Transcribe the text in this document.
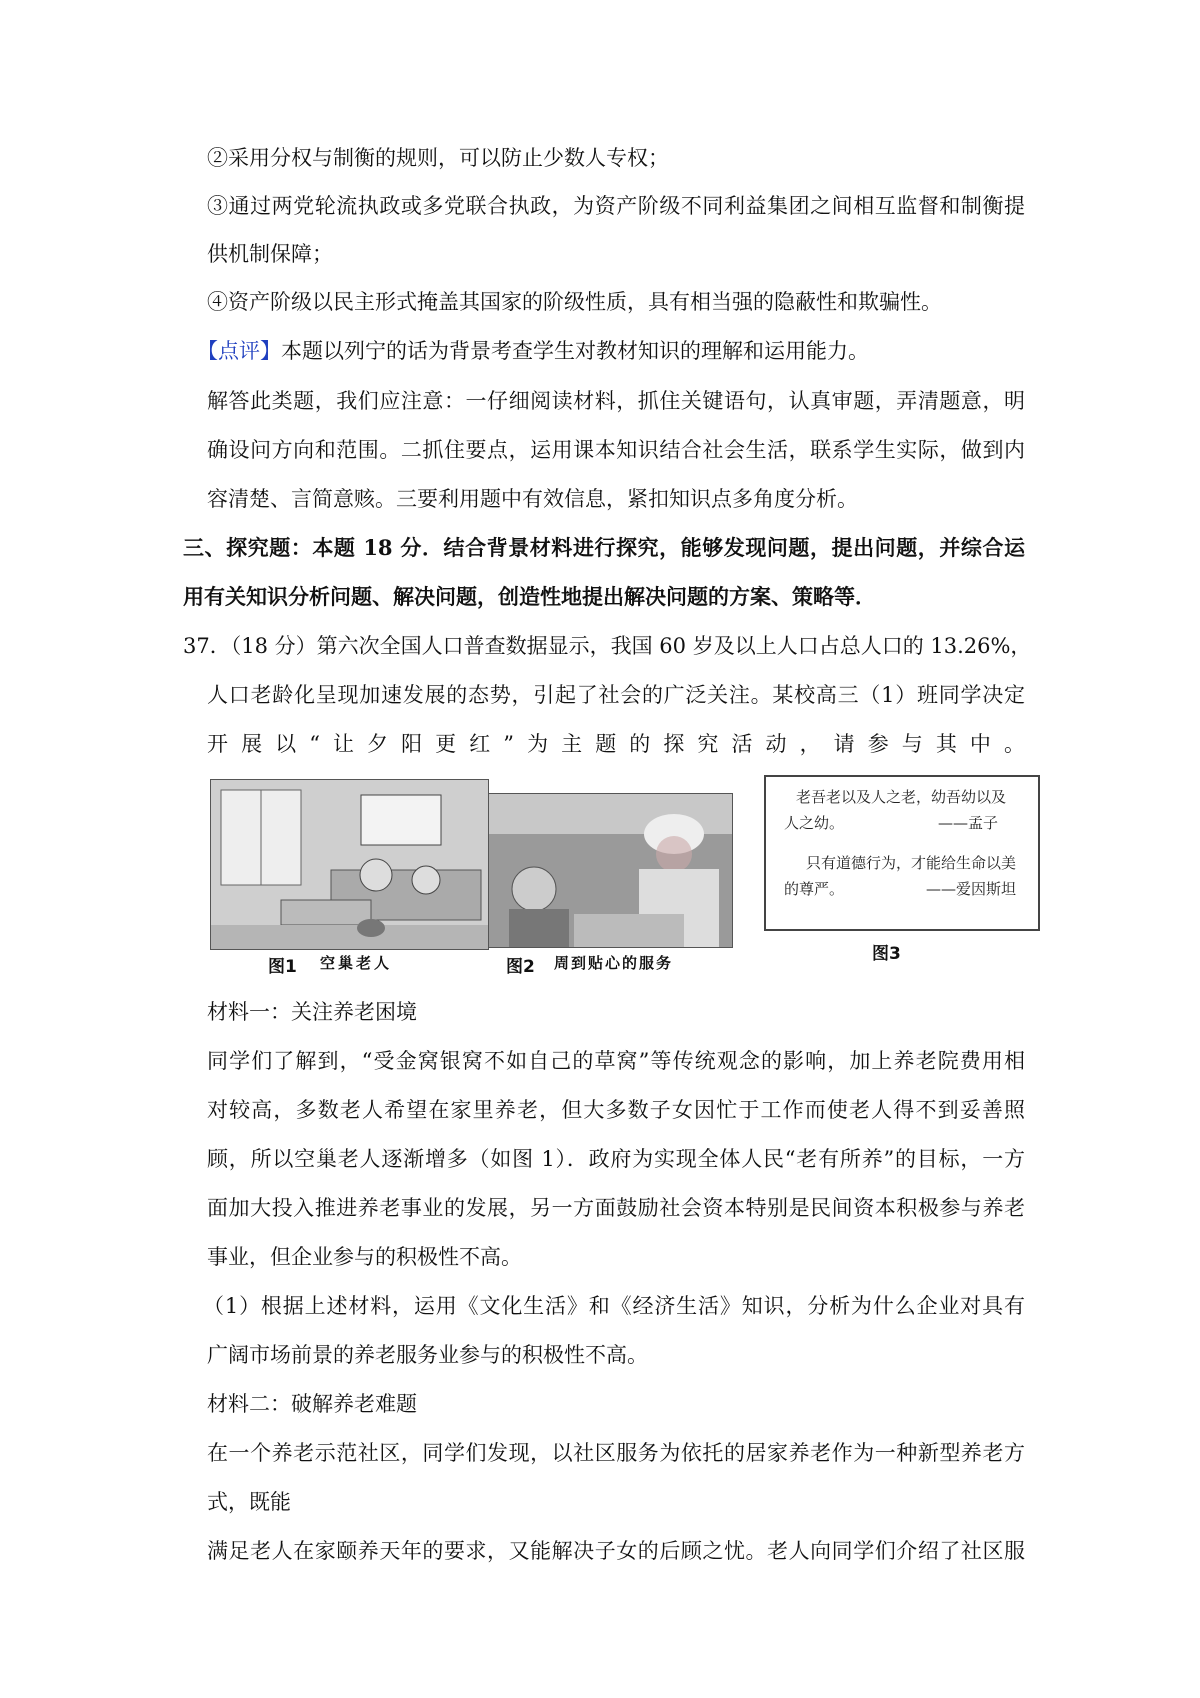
②采用分权与制衡的规则，可以防止少数人专权；
③通过两党轮流执政或多党联合执政，为资产阶级不同利益集团之间相互监督和制衡提
供机制保障；
④资产阶级以民主形式掩盖其国家的阶级性质，具有相当强的隐蔽性和欺骗性。
【点评】本题以列宁的话为背景考查学生对教材知识的理解和运用能力。
解答此类题，我们应注意：一仔细阅读材料，抓住关键语句，认真审题，弄清题意，明
确设问方向和范围。二抓住要点，运用课本知识结合社会生活，联系学生实际，做到内
容清楚、言简意赅。三要利用题中有效信息，紧扣知识点多角度分析。
三、探究题：本题 18 分．结合背景材料进行探究，能够发现问题，提出问题，并综合运
用有关知识分析问题、解决问题，创造性地提出解决问题的方案、策略等．
37．（18 分）第六次全国人口普查数据显示，我国 60 岁及以上人口占总人口的 13.26%，
人口老龄化呈现加速发展的态势，引起了社会的广泛关注。某校高三（1）班同学决定
开展以“让夕阳更红”为主题的探究活动，请参与其中。
图1 空巢老人	图2 周到贴心的服务
老吾老以及人之老，幼吾幼以及
人之幼。	——孟子
只有道德行为，才能给生命以美
的尊严。	——爱因斯坦
图3
材料一：关注养老困境
同学们了解到，“受金窝银窝不如自己的草窝”等传统观念的影响，加上养老院费用相
对较高，多数老人希望在家里养老，但大多数子女因忙于工作而使老人得不到妥善照
顾，所以空巢老人逐渐增多（如图 1）．政府为实现全体人民“老有所养”的目标，一方
面加大投入推进养老事业的发展，另一方面鼓励社会资本特别是民间资本积极参与养老
事业，但企业参与的积极性不高。
（1）根据上述材料，运用《文化生活》和《经济生活》知识，分析为什么企业对具有
广阔市场前景的养老服务业参与的积极性不高。
材料二：破解养老难题
在一个养老示范社区，同学们发现，以社区服务为依托的居家养老作为一种新型养老方
式，既能
满足老人在家颐养天年的要求，又能解决子女的后顾之忧。老人向同学们介绍了社区服
